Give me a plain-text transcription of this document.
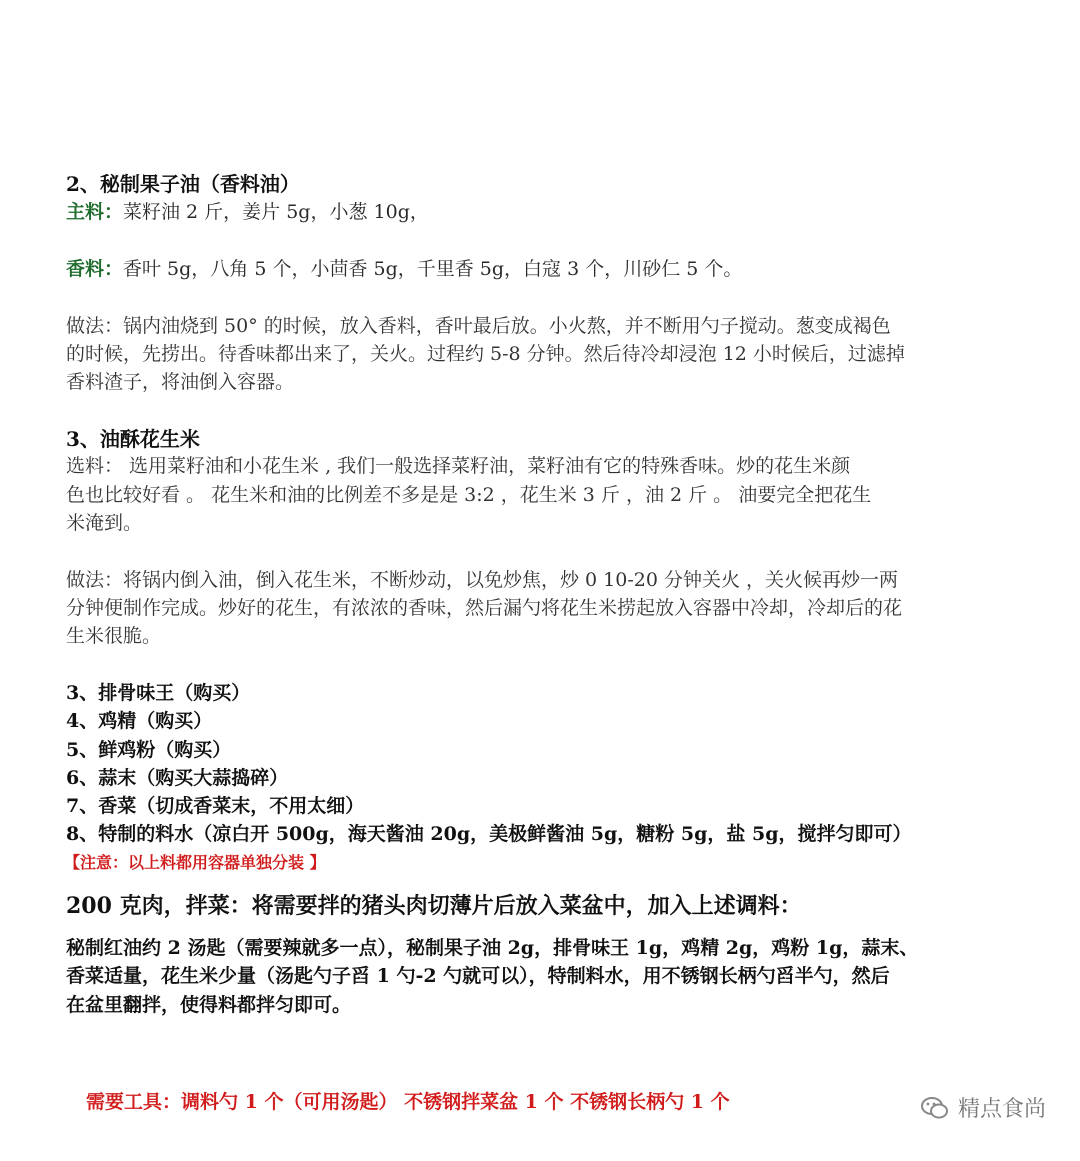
2、秘制果子油（香料油）
主料：菜籽油 2 斤，姜片 5g，小葱 10g，
香料：香叶 5g，八角 5 个，小茴香 5g，千里香 5g，白寇 3 个，川砂仁 5 个。
做法：锅内油烧到 50° 的时候，放入香料，香叶最后放。小火熬，并不断用勺子搅动。葱变成褐色
的时候，先捞出。待香味都出来了，关火。过程约 5-8 分钟。然后待冷却浸泡 12 小时候后，过滤掉
香料渣子，将油倒入容器。
3、油酥花生米
选料： 选用菜籽油和小花生米 , 我们一般选择菜籽油，菜籽油有它的特殊香味。炒的花生米颜
色也比较好看 。 花生米和油的比例差不多是是 3:2 ，花生米 3 斤 ，油 2 斤 。 油要完全把花生
米淹到。
做法：将锅内倒入油，倒入花生米，不断炒动，以免炒焦，炒 0 10-20 分钟关火 ，关火候再炒一两
分钟便制作完成。炒好的花生，有浓浓的香味，然后漏勺将花生米捞起放入容器中冷却，冷却后的花
生米很脆。
3、排骨味王（购买）
4、鸡精（购买）
5、鲜鸡粉（购买）
6、蒜末（购买大蒜捣碎）
7、香菜（切成香菜末，不用太细）
8、特制的料水（凉白开 500g，海天酱油 20g，美极鲜酱油 5g，糖粉 5g，盐 5g，搅拌匀即可）
【注意：以上料都用容器单独分装 】
200 克肉，拌菜：将需要拌的猪头肉切薄片后放入菜盆中，加入上述调料：
秘制红油约 2 汤匙（需要辣就多一点），秘制果子油 2g，排骨味王 1g，鸡精 2g，鸡粉 1g，蒜末、
香菜适量，花生米少量（汤匙勺子舀 1 勺-2 勺就可以），特制料水，用不锈钢长柄勺舀半勺，然后
在盆里翻拌，使得料都拌匀即可。
需要工具：调料勺 1 个（可用汤匙） 不锈钢拌菜盆 1 个 不锈钢长柄勺 1 个	精点食尚
